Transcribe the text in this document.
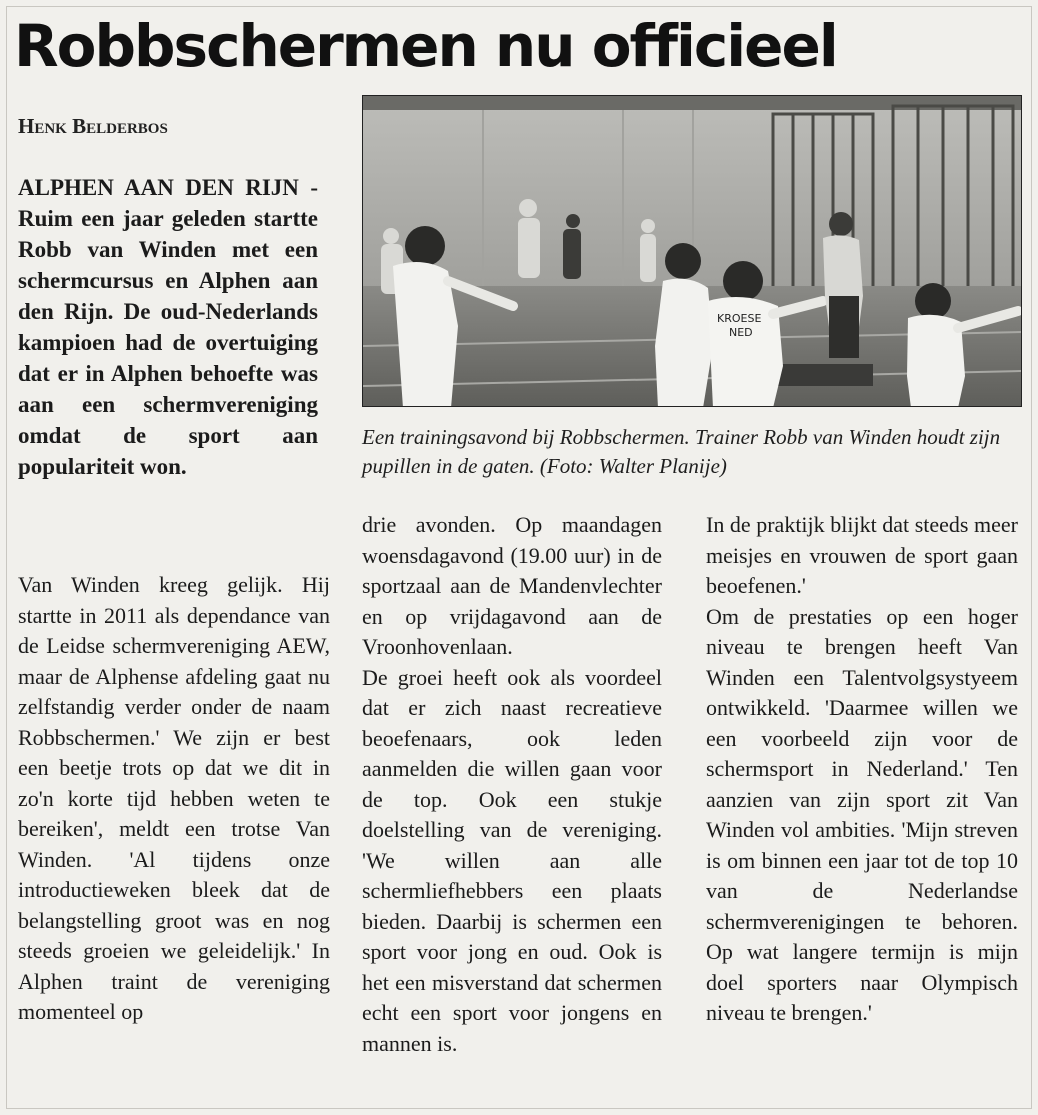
Robbschermen nu officieel

Henk Belderbos

ALPHEN AAN DEN RIJN - Ruim een jaar geleden startte Robb van Winden met een schermcursus en Alphen aan den Rijn. De oud-Nederlands kampioen had de overtuiging dat er in Alphen behoefte was aan een schermvereniging omdat de sport aan populariteit won.

KROESE
NED

Een trainingsavond bij Robbschermen. Trainer Robb van Winden houdt zijn pupillen in de gaten. (Foto: Walter Planije)

Van Winden kreeg gelijk. Hij startte in 2011 als dependance van de Leidse schermvereniging AEW, maar de Alphense afdeling gaat nu zelfstandig verder onder de naam Robbschermen.' We zijn er best een beetje trots op dat we dit in zo'n korte tijd hebben weten te bereiken', meldt een trotse Van Winden. 'Al tijdens onze introductieweken bleek dat de belangstelling groot was en nog steeds groeien we geleidelijk.' In Alphen traint de vereniging momenteel op

drie avonden. Op maandagen woensdagavond (19.00 uur) in de sportzaal aan de Mandenvlechter en op vrijdagavond aan de Vroonhovenlaan.

De groei heeft ook als voordeel dat er zich naast recreatieve beoefenaars, ook leden aanmelden die willen gaan voor de top. Ook een stukje doelstelling van de vereniging. 'We willen aan alle schermliefhebbers een plaats bieden. Daarbij is schermen een sport voor jong en oud. Ook is het een misverstand dat schermen echt een sport voor jongens en mannen is.

In de praktijk blijkt dat steeds meer meisjes en vrouwen de sport gaan beoefenen.'

Om de prestaties op een hoger niveau te brengen heeft Van Winden een Talentvolgsystyeem ontwikkeld. 'Daarmee willen we een voorbeeld zijn voor de schermsport in Nederland.' Ten aanzien van zijn sport zit Van Winden vol ambities. 'Mijn streven is om binnen een jaar tot de top 10 van de Nederlandse schermverenigingen te behoren. Op wat langere termijn is mijn doel sporters naar Olympisch niveau te brengen.'
